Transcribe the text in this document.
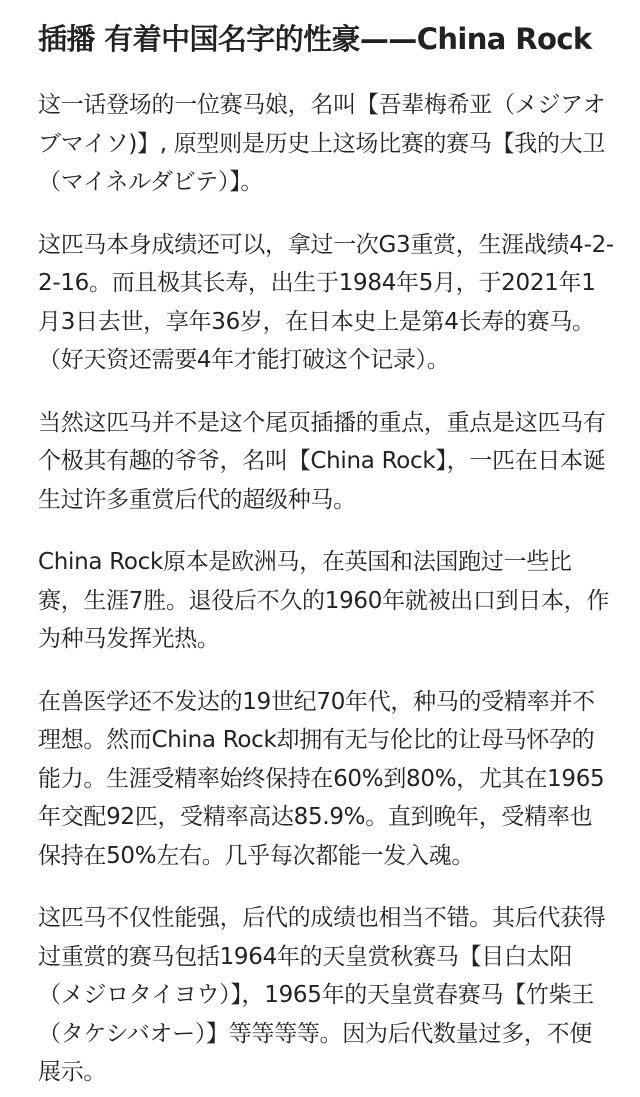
插播 有着中国名字的性豪——China Rock

这一话登场的一位赛马娘，名叫【吾辈梅希亚（メジアオブマイソ)】, 原型则是历史上这场比赛的赛马【我的大卫（マイネルダビテ）】。

这匹马本身成绩还可以，拿过一次G3重赏，生涯战绩4-2-2-16。而且极其长寿，出生于1984年5月，于2021年1月3日去世，享年36岁，在日本史上是第4长寿的赛马。（好天资还需要4年才能打破这个记录）。

当然这匹马并不是这个尾页插播的重点，重点是这匹马有个极其有趣的爷爷，名叫【China Rock】，一匹在日本诞生过许多重赏后代的超级种马。

China Rock原本是欧洲马，在英国和法国跑过一些比赛，生涯7胜。退役后不久的1960年就被出口到日本，作为种马发挥光热。

在兽医学还不发达的19世纪70年代，种马的受精率并不理想。然而China Rock却拥有无与伦比的让母马怀孕的能力。生涯受精率始终保持在60%到80%，尤其在1965年交配92匹，受精率高达85.9%。直到晚年，受精率也保持在50%左右。几乎每次都能一发入魂。

这匹马不仅性能强，后代的成绩也相当不错。其后代获得过重赏的赛马包括1964年的天皇赏秋赛马【目白太阳（メジロタイヨウ）】，1965年的天皇赏春赛马【竹柴王（タケシバオー）】等等等等。因为后代数量过多，不便展示。
